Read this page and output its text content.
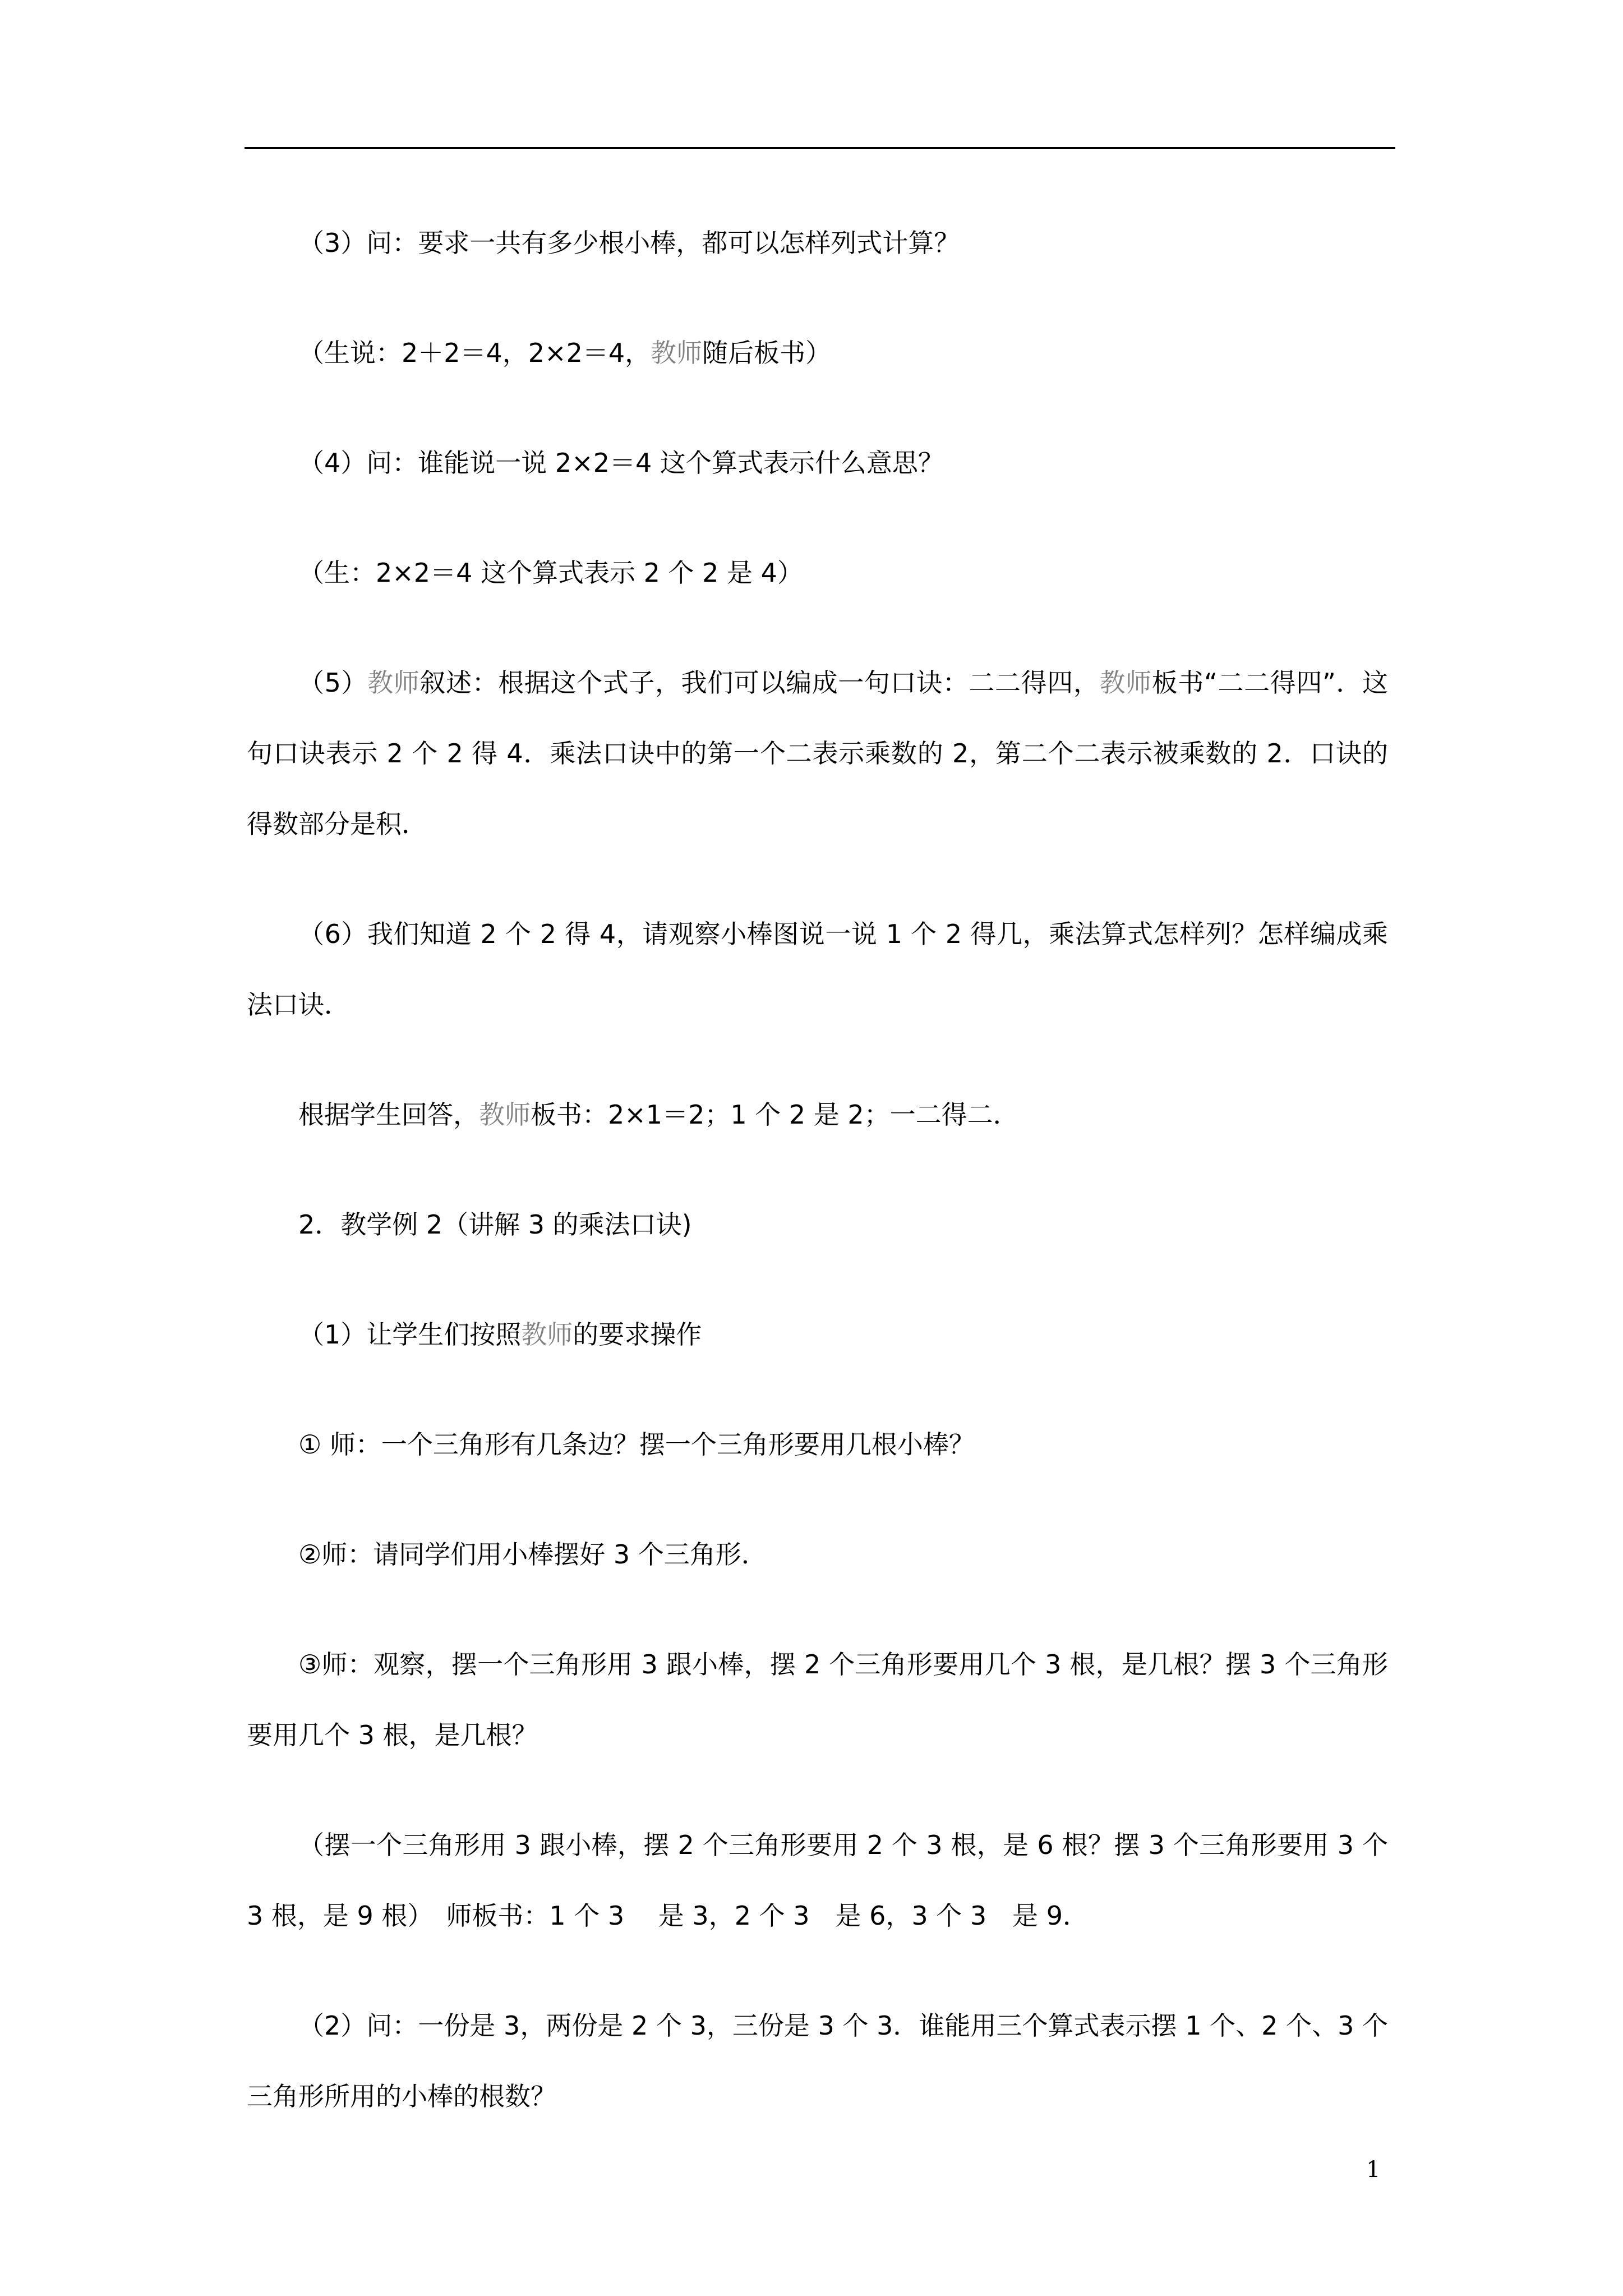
（3）问：要求一共有多少根小棒，都可以怎样列式计算？

（生说：2＋2＝4，2×2＝4，教师随后板书）

（4）问：谁能说一说 2×2＝4 这个算式表示什么意思？

（生：2×2＝4 这个算式表示 2 个 2 是 4）

（5）教师叙述：根据这个式子，我们可以编成一句口诀：二二得四，教师板书“二二得四”．这句口诀表示 2 个 2 得 4．乘法口诀中的第一个二表示乘数的 2，第二个二表示被乘数的 2．口诀的得数部分是积．

（6）我们知道 2 个 2 得 4，请观察小棒图说一说 1 个 2 得几，乘法算式怎样列？怎样编成乘法口诀．

根据学生回答，教师板书：2×1＝2；1 个 2 是 2；一二得二．

2．教学例 2（讲解 3 的乘法口诀)

（1）让学生们按照教师的要求操作

① 师：一个三角形有几条边？摆一个三角形要用几根小棒？

②师：请同学们用小棒摆好 3 个三角形．

③师：观察，摆一个三角形用 3 跟小棒，摆 2 个三角形要用几个 3 根，是几根？摆 3 个三角形要用几个 3 根，是几根？

（摆一个三角形用 3 跟小棒，摆 2 个三角形要用 2 个 3 根，是 6 根？摆 3 个三角形要用 3 个 3 根，是 9 根）　师板书：1 个 3　 是 3，2 个 3　是 6，3 个 3　是 9．

（2）问：一份是 3，两份是 2 个 3，三份是 3 个 3．谁能用三个算式表示摆 1 个、2 个、3 个三角形所用的小棒的根数？

1
